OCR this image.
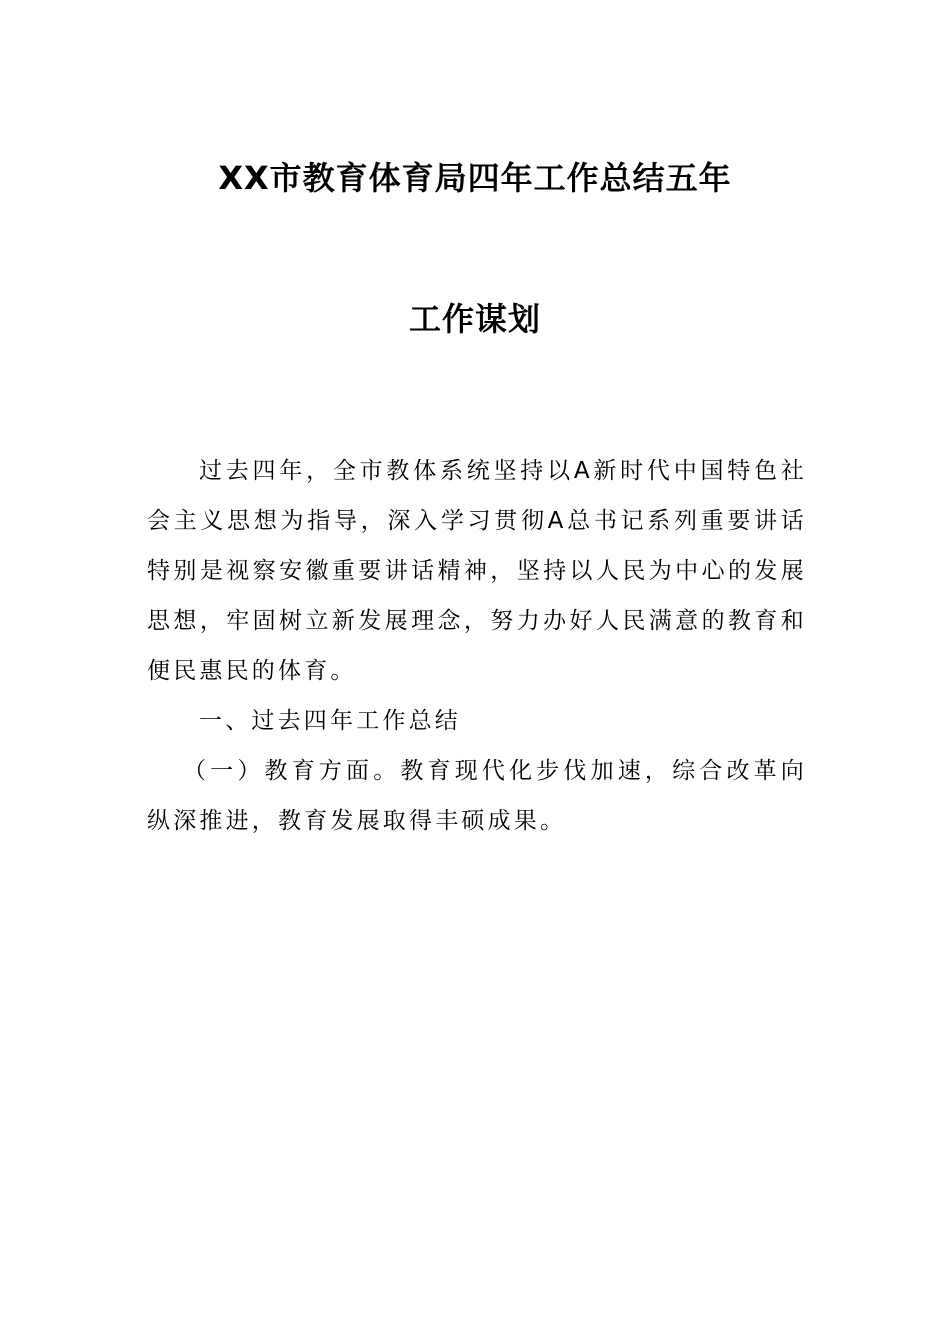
XX市教育体育局四年工作总结五年
工作谋划

过去四年，全市教体系统坚持以A新时代中国特色社会主义思想为指导，深入学习贯彻A总书记系列重要讲话特别是视察安徽重要讲话精神，坚持以人民为中心的发展思想，牢固树立新发展理念，努力办好人民满意的教育和便民惠民的体育。

一、过去四年工作总结

（一）教育方面。教育现代化步伐加速，综合改革向纵深推进，教育发展取得丰硕成果。
